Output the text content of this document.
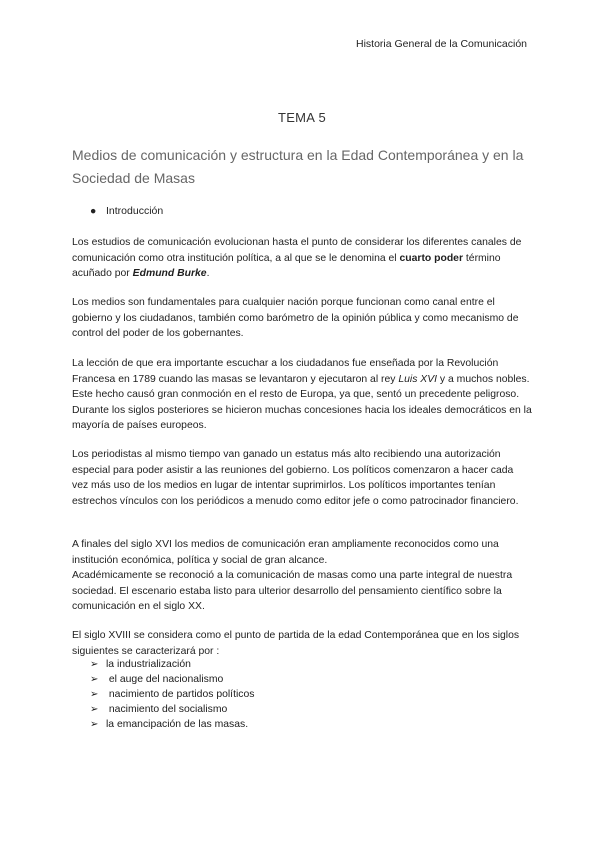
Historia General de la Comunicación
TEMA 5
Medios de comunicación y estructura en la Edad Contemporánea y en la Sociedad de Masas
● Introducción
Los estudios de comunicación evolucionan hasta el punto de considerar los diferentes canales de comunicación como otra institución política, a al que se le denomina el cuarto poder término acuñado por Edmund Burke.
Los medios son fundamentales para cualquier nación porque funcionan como canal entre el gobierno y los ciudadanos, también como barómetro de la opinión pública y como mecanismo de control del poder de los gobernantes.
La lección de que era importante escuchar a los ciudadanos fue enseñada por la Revolución Francesa en 1789 cuando las masas se levantaron y ejecutaron al rey Luis XVI y a muchos nobles. Este hecho causó gran conmoción en el resto de Europa, ya que, sentó un precedente peligroso. Durante los siglos posteriores se hicieron muchas concesiones hacia los ideales democráticos en la mayoría de países europeos.
Los periodistas al mismo tiempo van ganado un estatus más alto recibiendo una autorización especial para poder asistir a las reuniones del gobierno. Los políticos comenzaron a hacer cada vez más uso de los medios en lugar de intentar suprimirlos. Los políticos importantes tenían estrechos vínculos con los periódicos a menudo como editor jefe o como patrocinador financiero.
A finales del siglo XVI los medios de comunicación eran ampliamente reconocidos como una institución económica, política y social de gran alcance.
Académicamente se reconoció a la comunicación de masas como una parte integral de nuestra sociedad. El escenario estaba listo para ulterior desarrollo del pensamiento científico sobre la comunicación en el siglo XX.
El siglo XVIII se considera como el punto de partida de la edad Contemporánea que en los siglos siguientes se caracterizará por :
➢ la industrialización
➢ el auge del nacionalismo
➢ nacimiento de partidos políticos
➢ nacimiento del socialismo
➢ la emancipación de las masas.
